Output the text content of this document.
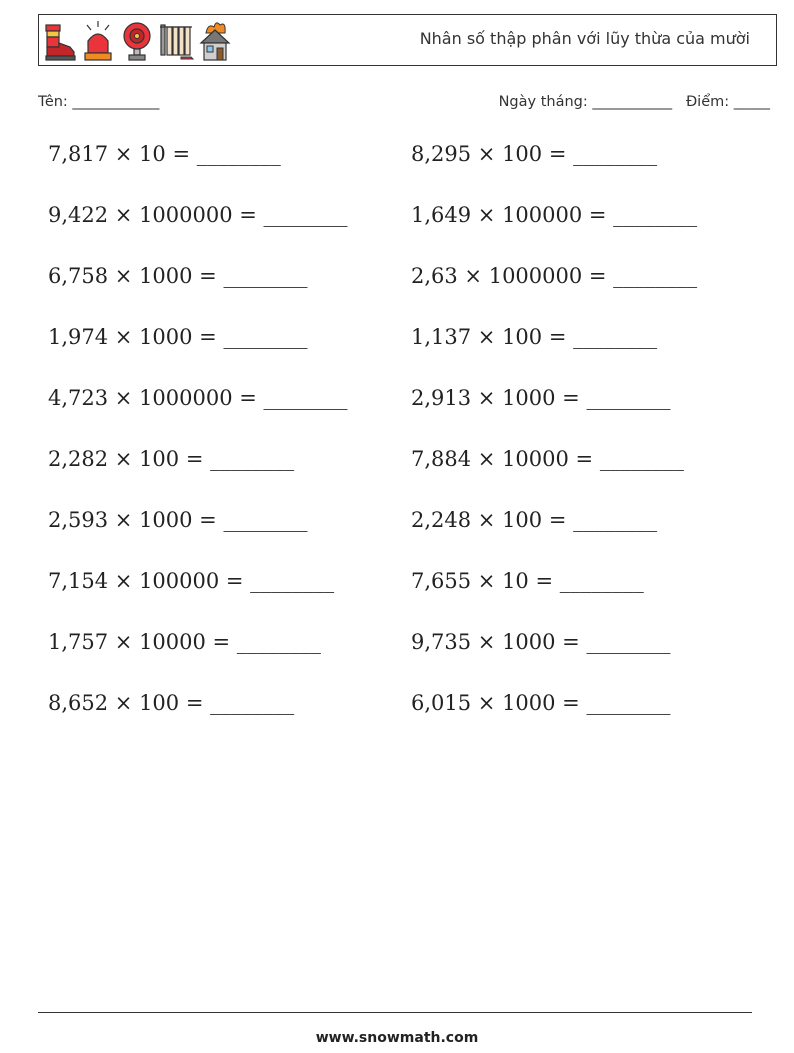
Nhân số thập phân với lũy thừa của mười
Tên: ____________	Ngày tháng: ___________ Điểm: _____
7,817 × 10 = ________	8,295 × 100 = ________
9,422 × 1000000 = ________	1,649 × 100000 = ________
6,758 × 1000 = ________	2,63 × 1000000 = ________
1,974 × 1000 = ________	1,137 × 100 = ________
4,723 × 1000000 = ________	2,913 × 1000 = ________
2,282 × 100 = ________	7,884 × 10000 = ________
2,593 × 1000 = ________	2,248 × 100 = ________
7,154 × 100000 = ________	7,655 × 10 = ________
1,757 × 10000 = ________	9,735 × 1000 = ________
8,652 × 100 = ________	6,015 × 1000 = ________
www.snowmath.com
